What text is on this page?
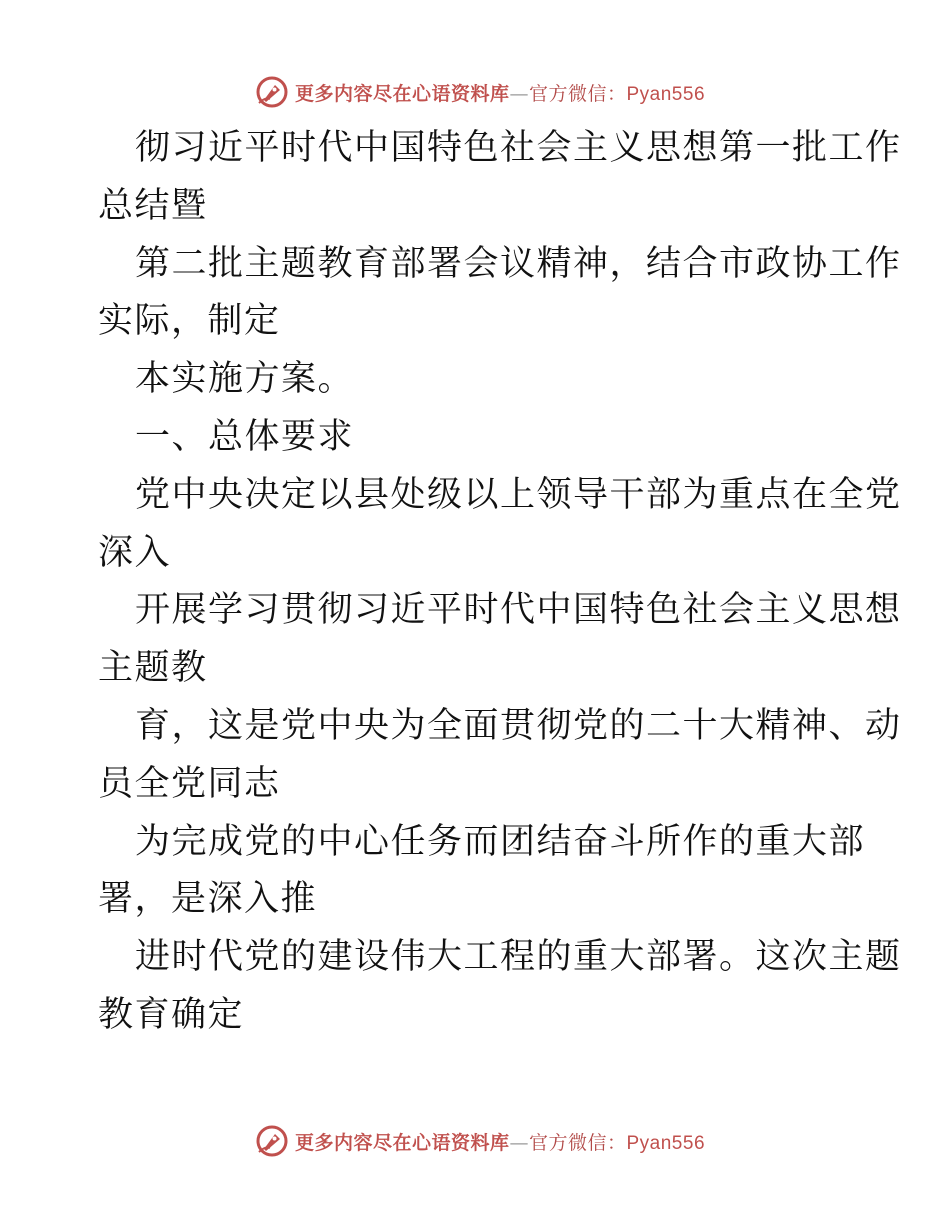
更多内容尽在心语资料库—官方微信：Pyan556
彻习近平时代中国特色社会主义思想第一批工作
总结暨
第二批主题教育部署会议精神，结合市政协工作
实际，制定
本实施方案。
一、总体要求
党中央决定以县处级以上领导干部为重点在全党
深入
开展学习贯彻习近平时代中国特色社会主义思想
主题教
育，这是党中央为全面贯彻党的二十大精神、动
员全党同志
为完成党的中心任务而团结奋斗所作的重大部
署，是深入推
进时代党的建设伟大工程的重大部署。这次主题
教育确定
更多内容尽在心语资料库—官方微信：Pyan556
